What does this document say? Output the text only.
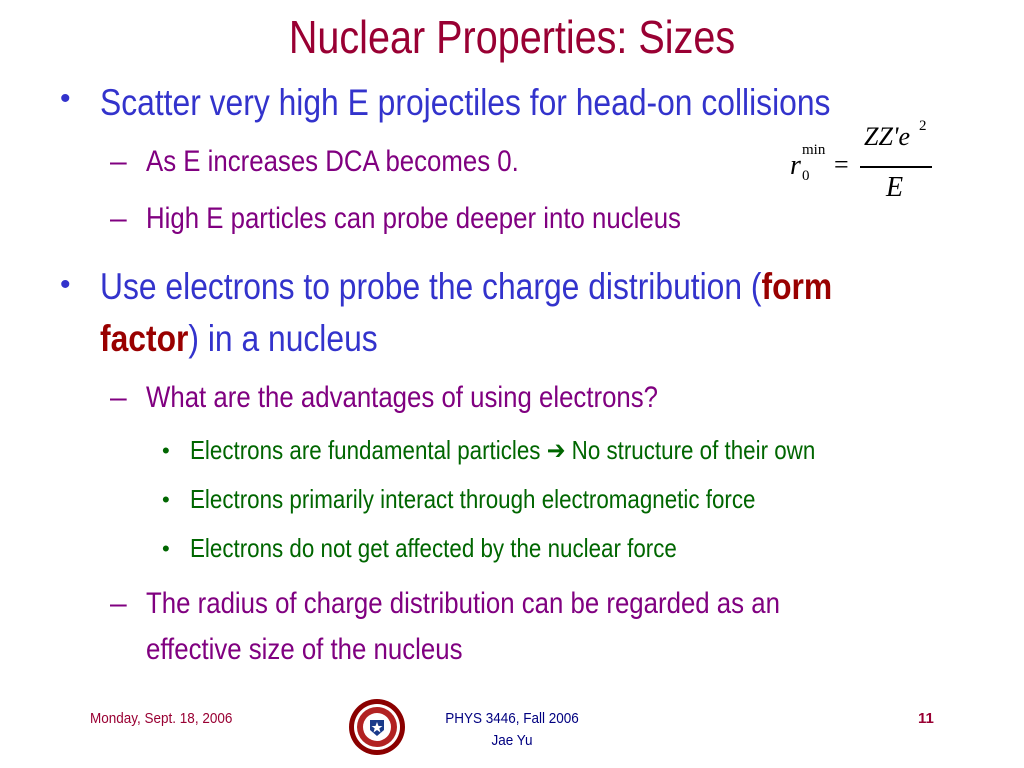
Nuclear Properties: Sizes
• Scatter very high E projectiles for head-on collisions
– As E increases DCA becomes 0.
– High E particles can probe deeper into nucleus
r min
0 =
ZZ'e 2
E
• Use electrons to probe the charge distribution (form
factor) in a nucleus
– What are the advantages of using electrons?
• Electrons are fundamental particles ➔ No structure of their own
• Electrons primarily interact through electromagnetic force
• Electrons do not get affected by the nuclear force
– The radius of charge distribution can be regarded as an
effective size of the nucleus
Monday, Sept. 18, 2006	PHYS 3446, Fall 2006
Jae Yu
11
